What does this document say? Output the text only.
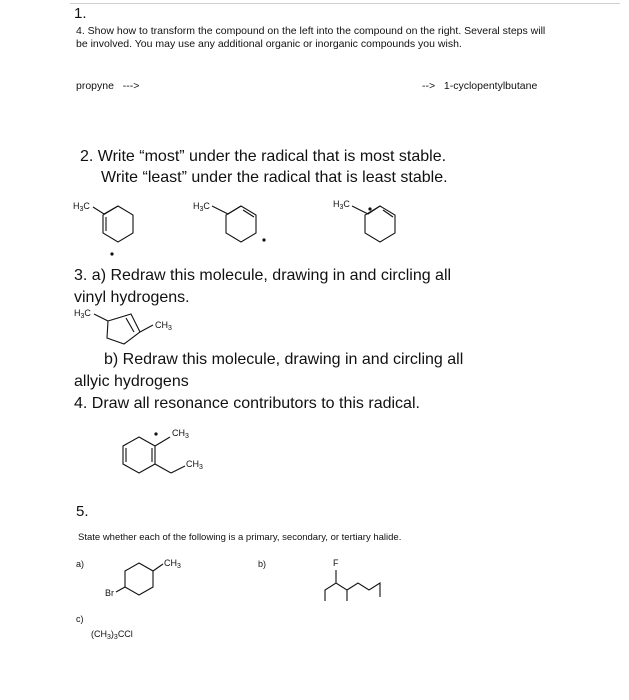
1.
4. Show how to transform the compound on the left into the compound on the right. Several steps will be involved. You may use any additional organic or inorganic compounds you wish.
propyne --->	--> 1-cyclopentylbutane
2. Write “most” under the radical that is most stable.
Write “least” under the radical that is least stable.
$H_3C$	$H_3C$	$H_3C$
3. a) Redraw this molecule, drawing in and circling all
vinyl hydrogens.
$H_3C$
$CH_3$
b) Redraw this molecule, drawing in and circling all
allyic hydrogens
4. Draw all resonance contributors to this radical.
$CH_3$
$CH_3$
5.
State whether each of the following is a primary, secondary, or tertiary halide.
a)	$CH_3$
Br
b)	F
c)
$(CH_3)_3CCl$
